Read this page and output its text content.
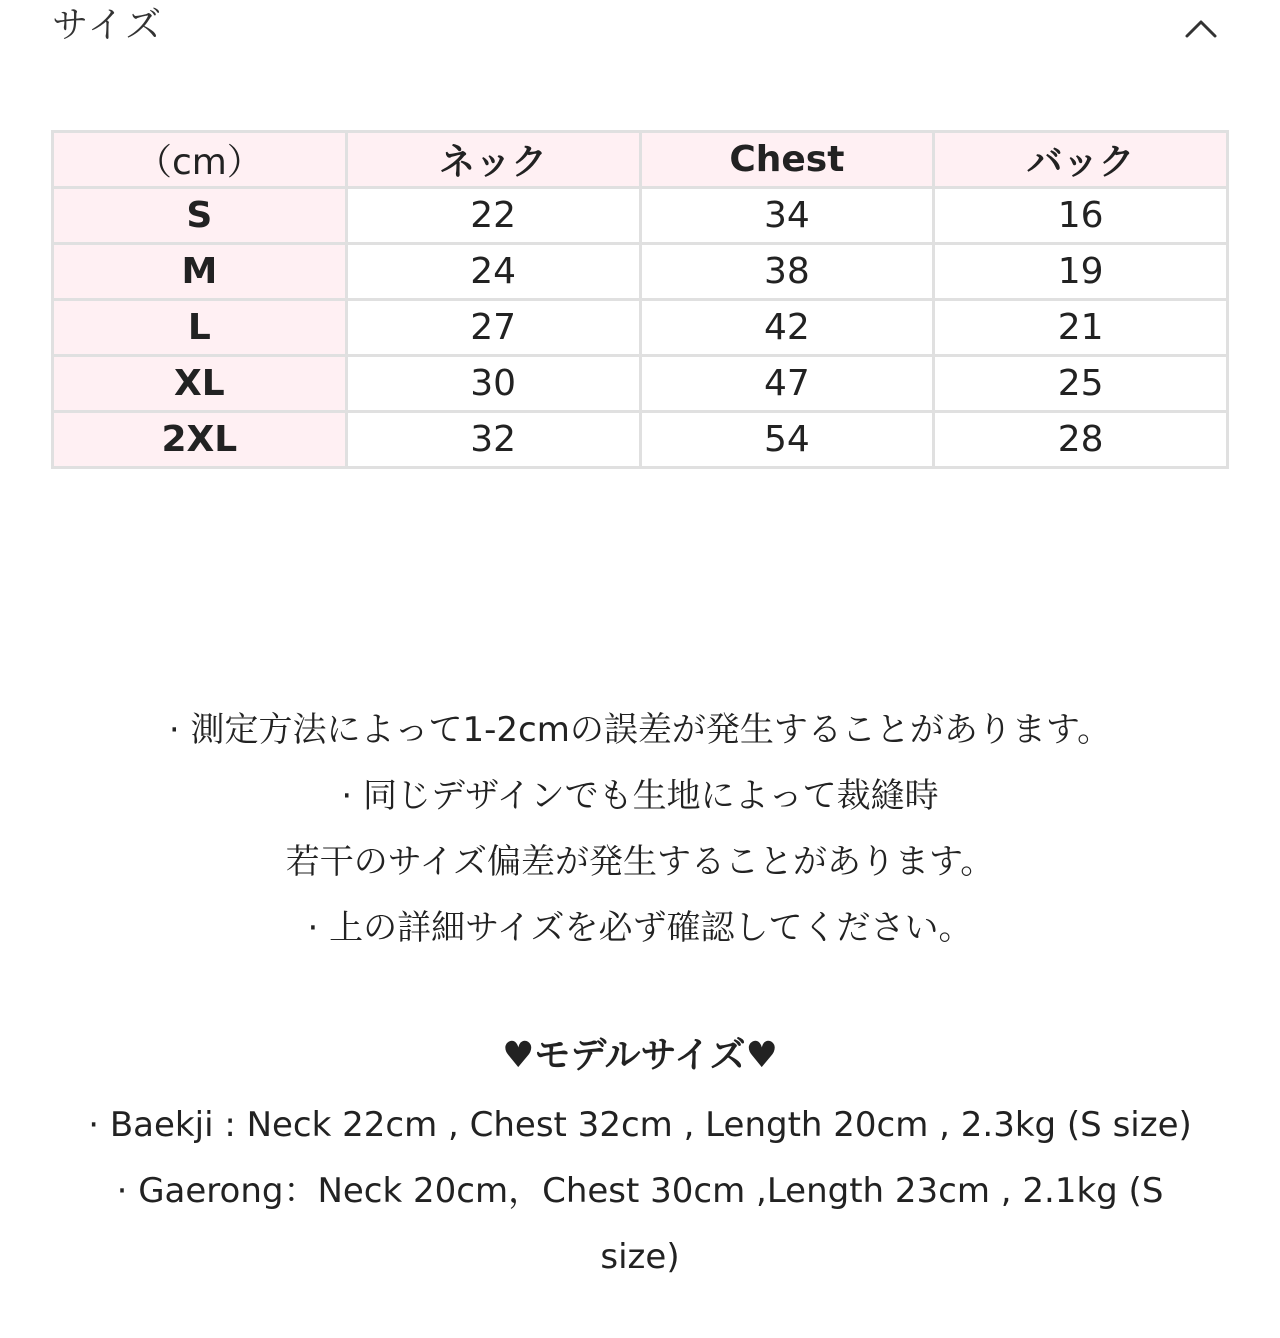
サイズ
（cm）	ネック	Chest	バック
S	22	34	16
M	24	38	19
L	27	42	21
XL	30	47	25
2XL	32	54	28
· 測定方法によって1-2cmの誤差が発生することがあります。
· 同じデザインでも生地によって裁縫時
若干のサイズ偏差が発生することがあります。
· 上の詳細サイズを必ず確認してください。
♥モデルサイズ♥
· Baekji : Neck 22cm , Chest 32cm , Length 20cm , 2.3kg (S size)
· Gaerong：Neck 20cm，Chest 30cm ,Length 23cm , 2.1kg (S
size)
